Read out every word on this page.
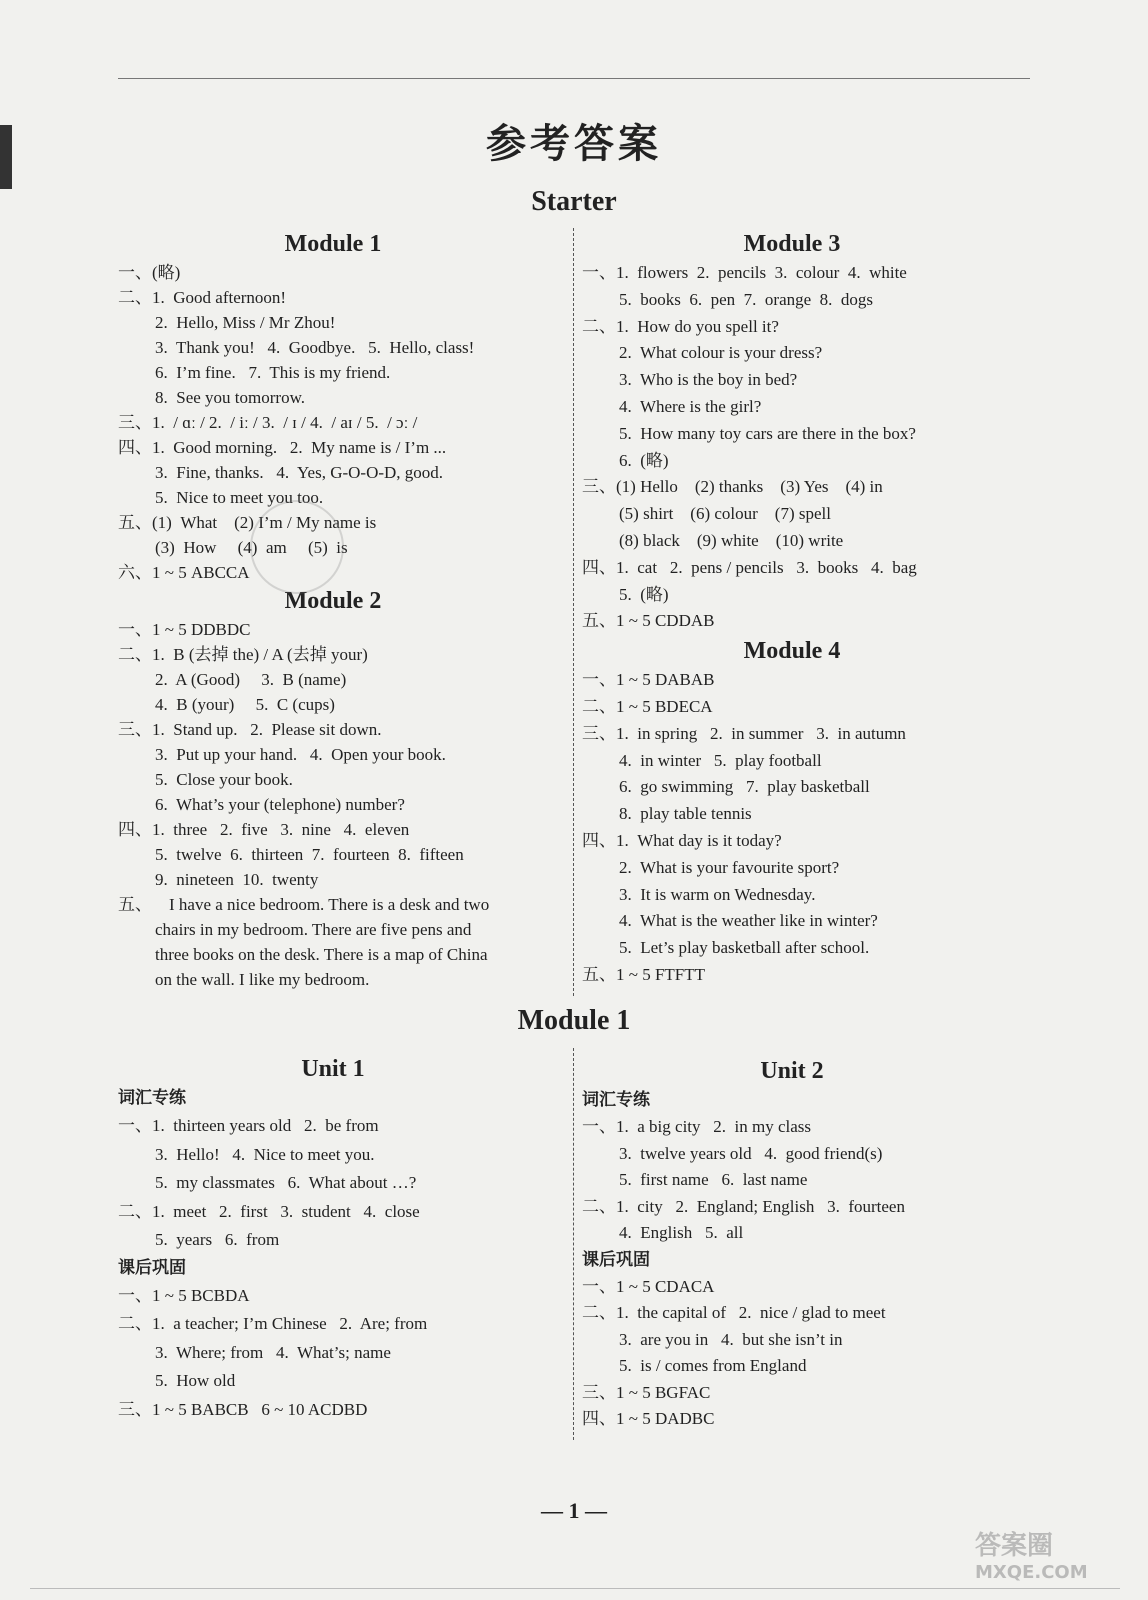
参考答案
Starter
Module 1
一、(略)
二、1.  Good afternoon!
2.  Hello, Miss / Mr Zhou!
3.  Thank you!   4.  Goodbye.   5.  Hello, class!
6.  I’m fine.   7.  This is my friend.
8.  See you tomorrow.
三、1.  / ɑː / 2.  / iː / 3.  / ɪ / 4.  / aɪ / 5.  / ɔː /
四、1.  Good morning.   2.  My name is / I’m ...
3.  Fine, thanks.   4.  Yes, G-O-O-D, good.
5.  Nice to meet you too.
五、(1)  What    (2) I’m / My name is
(3)  How     (4)  am     (5)  is
六、1 ~ 5 ABCCA
Module 2
一、1 ~ 5 DDBDC
二、1.  B (去掉 the) / A (去掉 your)
2.  A (Good)     3.  B (name)
4.  B (your)     5.  C (cups)
三、1.  Stand up.   2.  Please sit down.
3.  Put up your hand.   4.  Open your book.
5.  Close your book.
6.  What’s your (telephone) number?
四、1.  three   2.  five   3.  nine   4.  eleven
5.  twelve  6.  thirteen  7.  fourteen  8.  fifteen
9.  nineteen  10.  twenty
五、    I have a nice bedroom. There is a desk and two
chairs in my bedroom. There are five pens and
three books on the desk. There is a map of China
on the wall. I like my bedroom.
Module 3
一、1.  flowers  2.  pencils  3.  colour  4.  white
5.  books  6.  pen  7.  orange  8.  dogs
二、1.  How do you spell it?
2.  What colour is your dress?
3.  Who is the boy in bed?
4.  Where is the girl?
5.  How many toy cars are there in the box?
6.  (略)
三、(1) Hello    (2) thanks    (3) Yes    (4) in
(5) shirt    (6) colour    (7) spell
(8) black    (9) white    (10) write
四、1.  cat   2.  pens / pencils   3.  books   4.  bag
5.  (略)
五、1 ~ 5 CDDAB
Module 4
一、1 ~ 5 DABAB
二、1 ~ 5 BDECA
三、1.  in spring   2.  in summer   3.  in autumn
4.  in winter   5.  play football
6.  go swimming   7.  play basketball
8.  play table tennis
四、1.  What day is it today?
2.  What is your favourite sport?
3.  It is warm on Wednesday.
4.  What is the weather like in winter?
5.  Let’s play basketball after school.
五、1 ~ 5 FTFTT
Module 1
Unit 1
词汇专练
一、1.  thirteen years old   2.  be from
3.  Hello!   4.  Nice to meet you.
5.  my classmates   6.  What about …?
二、1.  meet   2.  first   3.  student   4.  close
5.  years   6.  from
课后巩固
一、1 ~ 5 BCBDA
二、1.  a teacher; I’m Chinese   2.  Are; from
3.  Where; from   4.  What’s; name
5.  How old
三、1 ~ 5 BABCB   6 ~ 10 ACDBD
Unit 2
词汇专练
一、1.  a big city   2.  in my class
3.  twelve years old   4.  good friend(s)
5.  first name   6.  last name
二、1.  city   2.  England; English   3.  fourteen
4.  English   5.  all
课后巩固
一、1 ~ 5 CDACA
二、1.  the capital of   2.  nice / glad to meet
3.  are you in   4.  but she isn’t in
5.  is / comes from England
三、1 ~ 5 BGFAC
四、1 ~ 5 DADBC
— 1 —
答案圈
MXQE.COM
